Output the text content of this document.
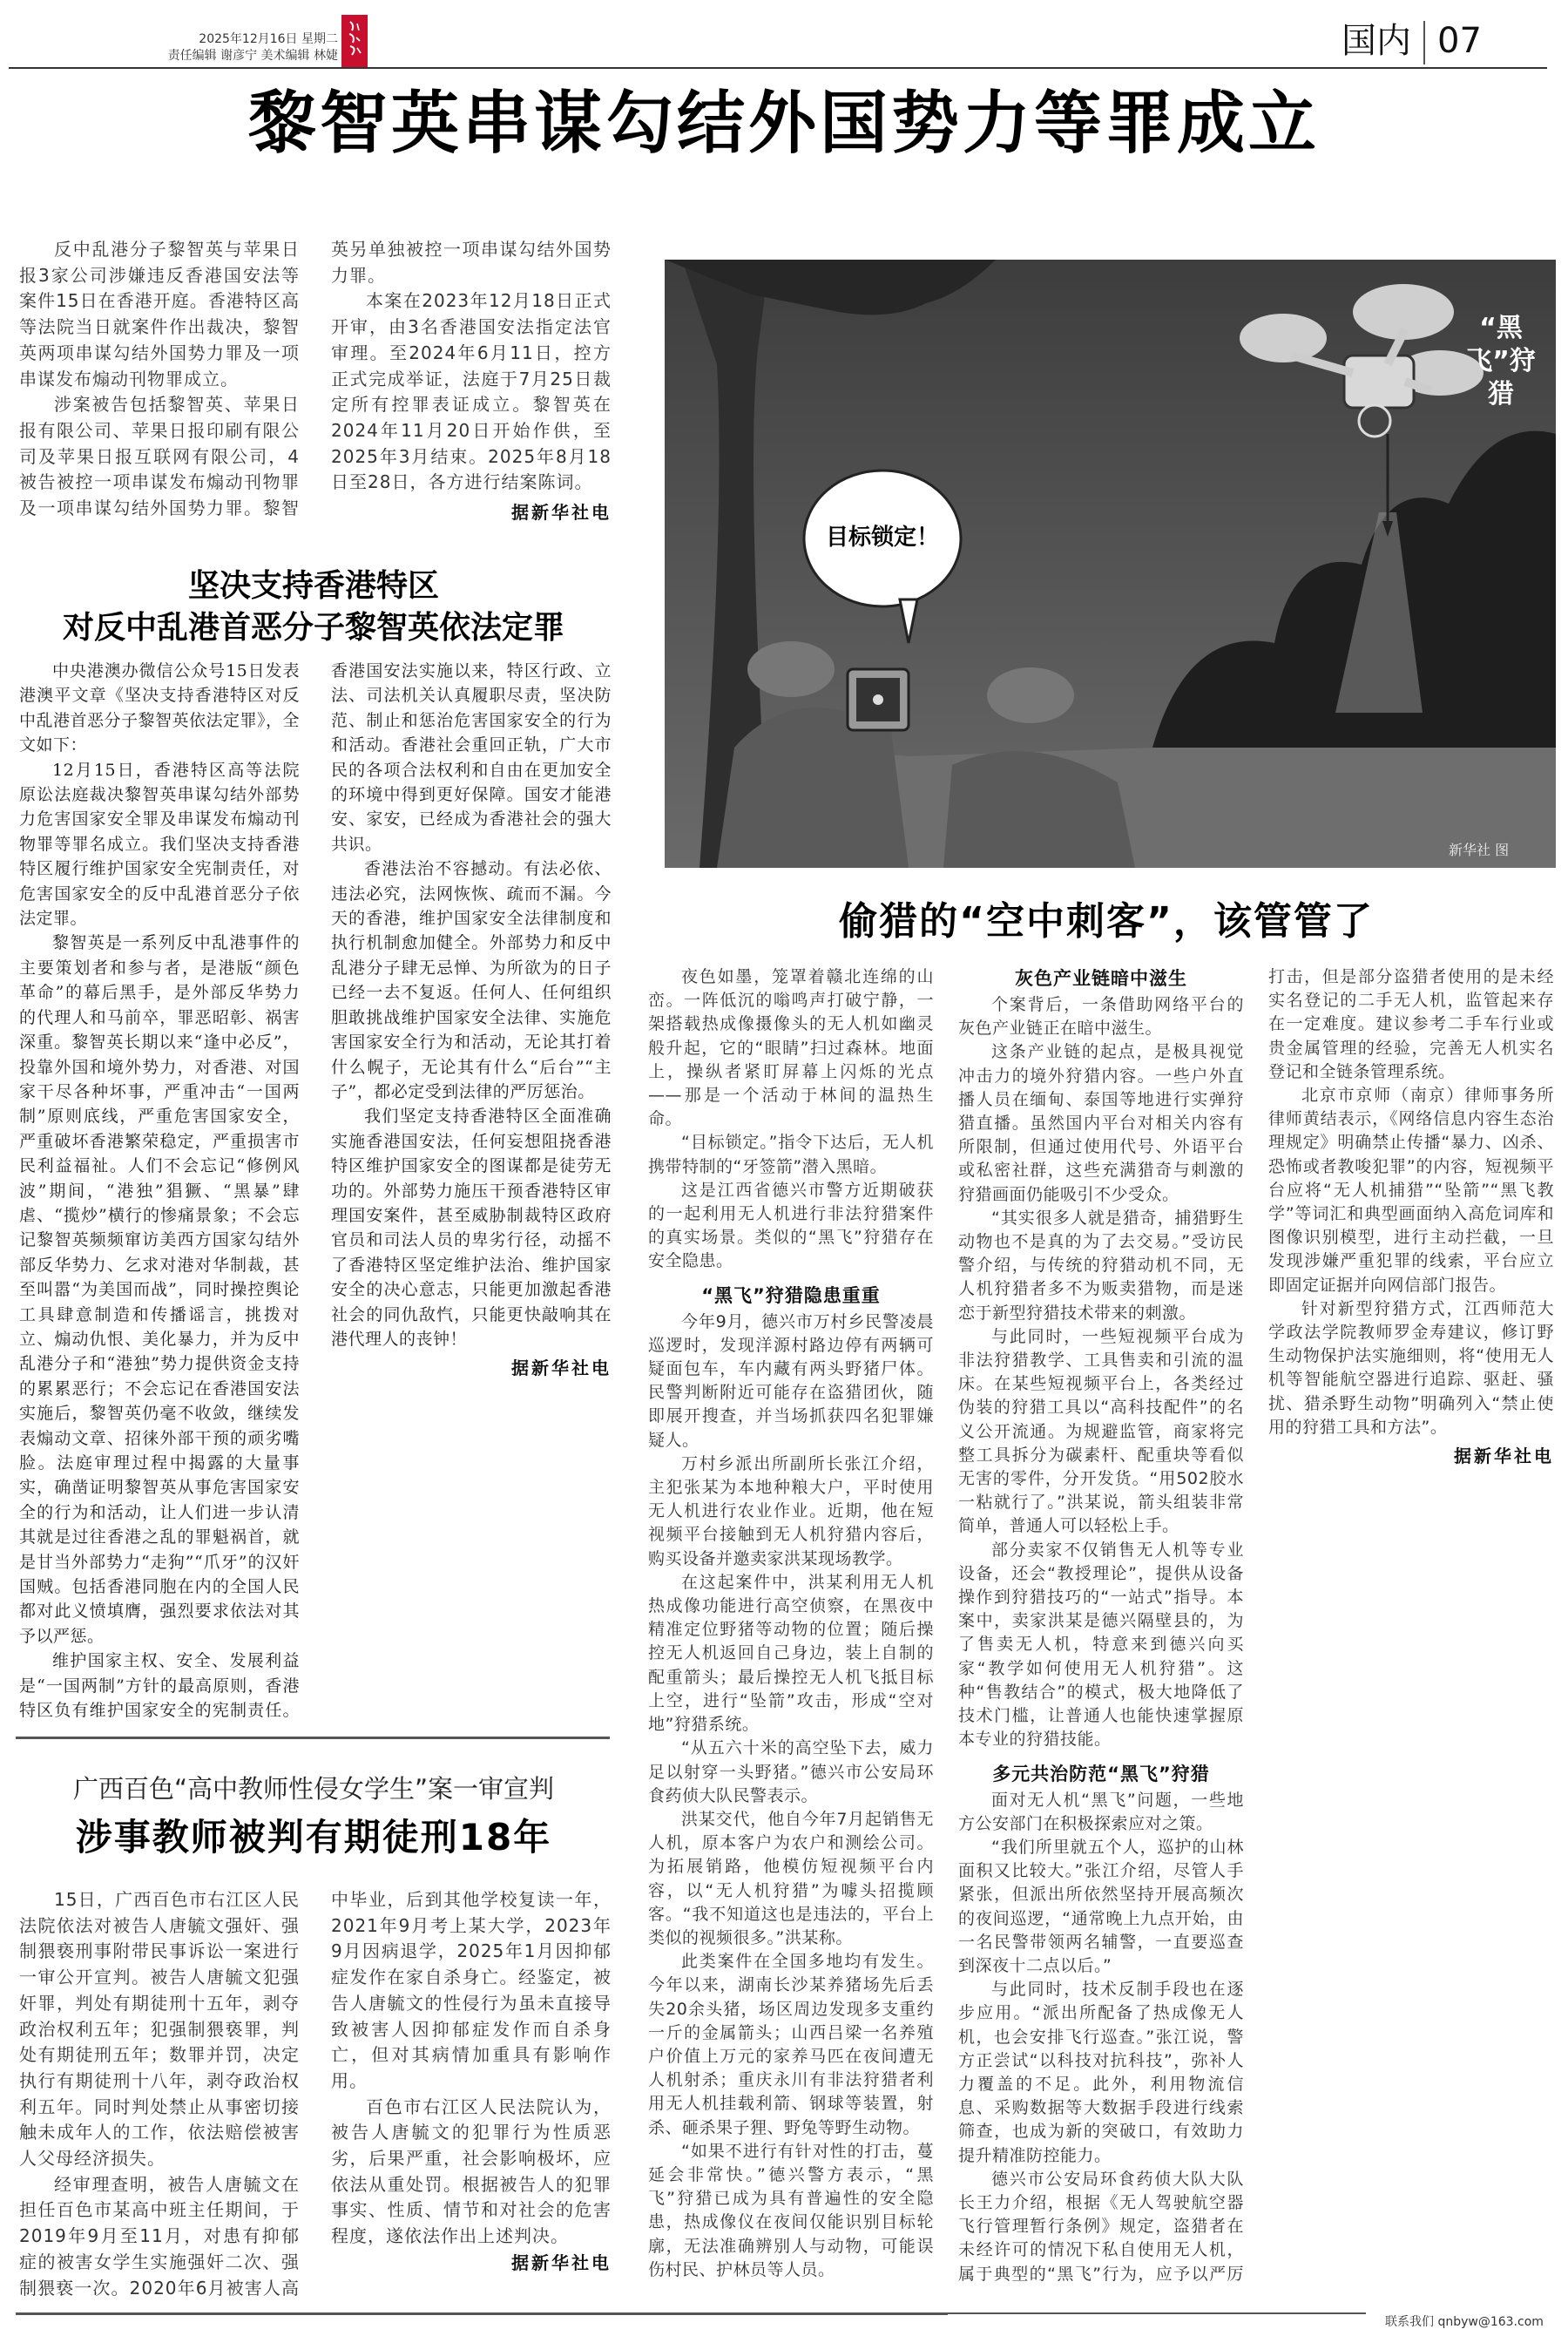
2025年12月16日 星期二
责任编辑 谢彦宁 美术编辑 林婕	国内 07
黎智英串谋勾结外国势力等罪成立

反中乱港分子黎智英与苹果日报3家公司涉嫌违反香港国安法等案件15日在香港开庭。香港特区高等法院当日就案件作出裁决，黎智英两项串谋勾结外国势力罪及一项串谋发布煽动刊物罪成立。

涉案被告包括黎智英、苹果日报有限公司、苹果日报印刷有限公司及苹果日报互联网有限公司，4被告被控一项串谋发布煽动刊物罪及一项串谋勾结外国势力罪。黎智英另单独被控一项串谋勾结外国势力罪。

本案在2023年12月18日正式开审，由3名香港国安法指定法官审理。至2024年6月11日，控方正式完成举证，法庭于7月25日裁定所有控罪表证成立。黎智英在2024年11月20日开始作供，至2025年3月结束。2025年8月18日至28日，各方进行结案陈词。

据新华社电
坚决支持香港特区
对反中乱港首恶分子黎智英依法定罪

中央港澳办微信公众号15日发表港澳平文章《坚决支持香港特区对反中乱港首恶分子黎智英依法定罪》，全文如下：

12月15日，香港特区高等法院原讼法庭裁决黎智英串谋勾结外部势力危害国家安全罪及串谋发布煽动刊物罪等罪名成立。我们坚决支持香港特区履行维护国家安全宪制责任，对危害国家安全的反中乱港首恶分子依法定罪。

黎智英是一系列反中乱港事件的主要策划者和参与者，是港版“颜色革命”的幕后黑手，是外部反华势力的代理人和马前卒，罪恶昭彰、祸害深重。黎智英长期以来“逢中必反”，投靠外国和境外势力，对香港、对国家干尽各种坏事，严重冲击“一国两制”原则底线，严重危害国家安全，严重破坏香港繁荣稳定，严重损害市民利益福祉。人们不会忘记“修例风波”期间，“港独”猖獗、“黑暴”肆虐、“揽炒”横行的惨痛景象；不会忘记黎智英频频窜访美西方国家勾结外部反华势力、乞求对港对华制裁，甚至叫嚣“为美国而战”，同时操控舆论工具肆意制造和传播谣言，挑拨对立、煽动仇恨、美化暴力，并为反中乱港分子和“港独”势力提供资金支持的累累恶行；不会忘记在香港国安法实施后，黎智英仍毫不收敛，继续发表煽动文章、招徕外部干预的顽劣嘴脸。法庭审理过程中揭露的大量事实，确凿证明黎智英从事危害国家安全的行为和活动，让人们进一步认清其就是过往香港之乱的罪魁祸首，就是甘当外部势力“走狗”“爪牙”的汉奸国贼。包括香港同胞在内的全国人民都对此义愤填膺，强烈要求依法对其予以严惩。

维护国家主权、安全、发展利益是“一国两制”方针的最高原则，香港特区负有维护国家安全的宪制责任。香港国安法实施以来，特区行政、立法、司法机关认真履职尽责，坚决防范、制止和惩治危害国家安全的行为和活动。香港社会重回正轨，广大市民的各项合法权利和自由在更加安全的环境中得到更好保障。国安才能港安、家安，已经成为香港社会的强大共识。

香港法治不容撼动。有法必依、违法必究，法网恢恢、疏而不漏。今天的香港，维护国家安全法律制度和执行机制愈加健全。外部势力和反中乱港分子肆无忌惮、为所欲为的日子已经一去不复返。任何人、任何组织胆敢挑战维护国家安全法律、实施危害国家安全行为和活动，无论其打着什么幌子，无论其有什么“后台”“主子”，都必定受到法律的严厉惩治。

我们坚定支持香港特区全面准确实施香港国安法，任何妄想阻挠香港特区维护国家安全的图谋都是徒劳无功的。外部势力施压干预香港特区审理国安案件，甚至威胁制裁特区政府官员和司法人员的卑劣行径，动摇不了香港特区坚定维护法治、维护国家安全的决心意志，只能更加激起香港社会的同仇敌忾，只能更快敲响其在港代理人的丧钟！

据新华社电
广西百色“高中教师性侵女学生”案一审宣判
涉事教师被判有期徒刑18年

15日，广西百色市右江区人民法院依法对被告人唐毓文强奸、强制猥亵刑事附带民事诉讼一案进行一审公开宣判。被告人唐毓文犯强奸罪，判处有期徒刑十五年，剥夺政治权利五年；犯强制猥亵罪，判处有期徒刑五年；数罪并罚，决定执行有期徒刑十八年，剥夺政治权利五年。同时判处禁止从事密切接触未成年人的工作，依法赔偿被害人父母经济损失。

经审理查明，被告人唐毓文在担任百色市某高中班主任期间，于2019年9月至11月，对患有抑郁症的被害女学生实施强奸二次、强制猥亵一次。2020年6月被害人高中毕业，后到其他学校复读一年，2021年9月考上某大学，2023年9月因病退学，2025年1月因抑郁症发作在家自杀身亡。经鉴定，被告人唐毓文的性侵行为虽未直接导致被害人因抑郁症发作而自杀身亡，但对其病情加重具有影响作用。

百色市右江区人民法院认为，被告人唐毓文的犯罪行为性质恶劣，后果严重，社会影响极坏，应依法从重处罚。根据被告人的犯罪事实、性质、情节和对社会的危害程度，遂依法作出上述判决。

据新华社电
目标锁定！
“黑飞”狩猎
新华社 图
偷猎的“空中刺客”，该管管了

夜色如墨，笼罩着赣北连绵的山峦。一阵低沉的嗡鸣声打破宁静，一架搭载热成像摄像头的无人机如幽灵般升起，它的“眼睛”扫过森林。地面上，操纵者紧盯屏幕上闪烁的光点——那是一个活动于林间的温热生命。

“目标锁定。”指令下达后，无人机携带特制的“牙签箭”潜入黑暗。

这是江西省德兴市警方近期破获的一起利用无人机进行非法狩猎案件的真实场景。类似的“黑飞”狩猎存在安全隐患。

“黑飞”狩猎隐患重重

今年9月，德兴市万村乡民警凌晨巡逻时，发现洋源村路边停有两辆可疑面包车，车内藏有两头野猪尸体。民警判断附近可能存在盗猎团伙，随即展开搜查，并当场抓获四名犯罪嫌疑人。

万村乡派出所副所长张江介绍，主犯张某为本地种粮大户，平时使用无人机进行农业作业。近期，他在短视频平台接触到无人机狩猎内容后，购买设备并邀卖家洪某现场教学。

在这起案件中，洪某利用无人机热成像功能进行高空侦察，在黑夜中精准定位野猪等动物的位置；随后操控无人机返回自己身边，装上自制的配重箭头；最后操控无人机飞抵目标上空，进行“坠箭”攻击，形成“空对地”狩猎系统。

“从五六十米的高空坠下去，威力足以射穿一头野猪。”德兴市公安局环食药侦大队民警表示。

洪某交代，他自今年7月起销售无人机，原本客户为农户和测绘公司。为拓展销路，他模仿短视频平台内容，以“无人机狩猎”为噱头招揽顾客。“我不知道这也是违法的，平台上类似的视频很多。”洪某称。

此类案件在全国多地均有发生。今年以来，湖南长沙某养猪场先后丢失20余头猪，场区周边发现多支重约一斤的金属箭头；山西吕梁一名养殖户价值上万元的家养马匹在夜间遭无人机射杀；重庆永川有非法狩猎者利用无人机挂载利箭、钢球等装置，射杀、砸杀果子狸、野兔等野生动物。

“如果不进行有针对性的打击，蔓延会非常快。”德兴警方表示，“黑飞”狩猎已成为具有普遍性的安全隐患，热成像仪在夜间仅能识别目标轮廓，无法准确辨别人与动物，可能误伤村民、护林员等人员。

灰色产业链暗中滋生

个案背后，一条借助网络平台的灰色产业链正在暗中滋生。

这条产业链的起点，是极具视觉冲击力的境外狩猎内容。一些户外直播人员在缅甸、泰国等地进行实弹狩猎直播。虽然国内平台对相关内容有所限制，但通过使用代号、外语平台或私密社群，这些充满猎奇与刺激的狩猎画面仍能吸引不少受众。

“其实很多人就是猎奇，捕猎野生动物也不是真的为了去交易。”受访民警介绍，与传统的狩猎动机不同，无人机狩猎者多不为贩卖猎物，而是迷恋于新型狩猎技术带来的刺激。

与此同时，一些短视频平台成为非法狩猎教学、工具售卖和引流的温床。在某些短视频平台上，各类经过伪装的狩猎工具以“高科技配件”的名义公开流通。为规避监管，商家将完整工具拆分为碳素杆、配重块等看似无害的零件，分开发货。“用502胶水一粘就行了。”洪某说，箭头组装非常简单，普通人可以轻松上手。

部分卖家不仅销售无人机等专业设备，还会“教授理论”，提供从设备操作到狩猎技巧的“一站式”指导。本案中，卖家洪某是德兴隔壁县的，为了售卖无人机，特意来到德兴向买家“教学如何使用无人机狩猎”。这种“售教结合”的模式，极大地降低了技术门槛，让普通人也能快速掌握原本专业的狩猎技能。

多元共治防范“黑飞”狩猎

面对无人机“黑飞”问题，一些地方公安部门在积极探索应对之策。

“我们所里就五个人，巡护的山林面积又比较大。”张江介绍，尽管人手紧张，但派出所依然坚持开展高频次的夜间巡逻，“通常晚上九点开始，由一名民警带领两名辅警，一直要巡查到深夜十二点以后。”

与此同时，技术反制手段也在逐步应用。“派出所配备了热成像无人机，也会安排飞行巡查。”张江说，警方正尝试“以科技对抗科技”，弥补人力覆盖的不足。此外，利用物流信息、采购数据等大数据手段进行线索筛查，也成为新的突破口，有效助力提升精准防控能力。

德兴市公安局环食药侦大队大队长王力介绍，根据《无人驾驶航空器飞行管理暂行条例》规定，盗猎者在未经许可的情况下私自使用无人机，属于典型的“黑飞”行为，应予以严厉打击，但是部分盗猎者使用的是未经实名登记的二手无人机，监管起来存在一定难度。建议参考二手车行业或贵金属管理的经验，完善无人机实名登记和全链条管理系统。

北京市京师（南京）律师事务所律师黄结表示，《网络信息内容生态治理规定》明确禁止传播“暴力、凶杀、恐怖或者教唆犯罪”的内容，短视频平台应将“无人机捕猎”“坠箭”“黑飞教学”等词汇和典型画面纳入高危词库和图像识别模型，进行主动拦截，一旦发现涉嫌严重犯罪的线索，平台应立即固定证据并向网信部门报告。

针对新型狩猎方式，江西师范大学政法学院教师罗金寿建议，修订野生动物保护法实施细则，将“使用无人机等智能航空器进行追踪、驱赶、骚扰、猎杀野生动物”明确列入“禁止使用的狩猎工具和方法”。

据新华社电
联系我们 qnbyw@163.com
